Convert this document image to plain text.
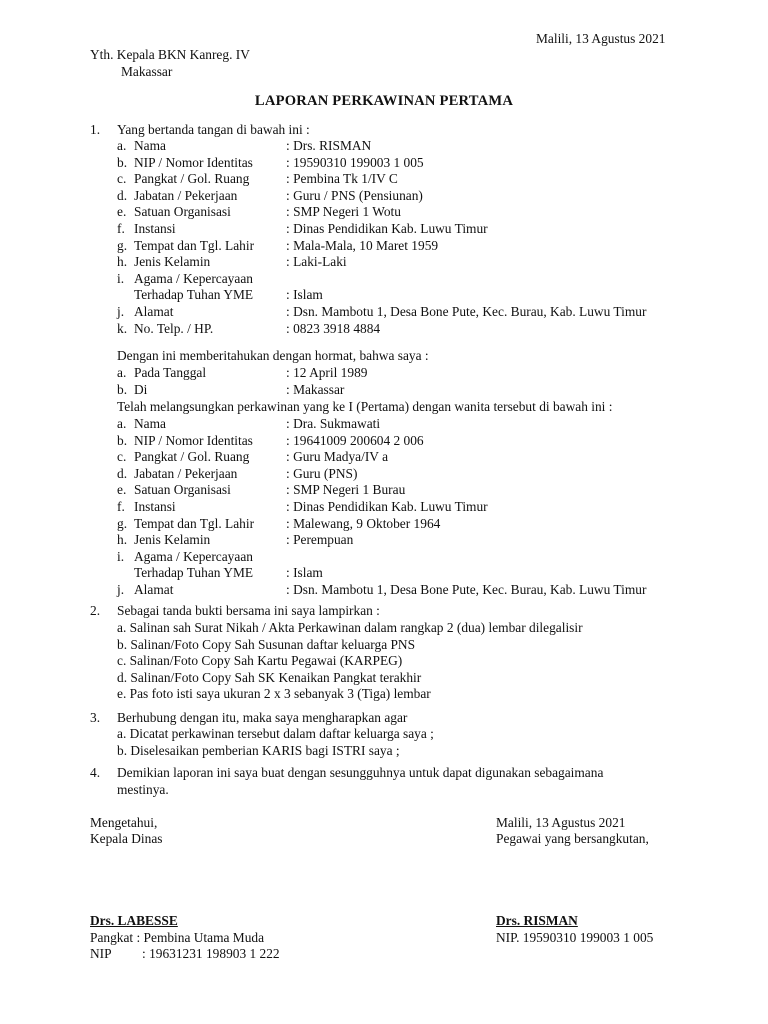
Malili, 13 Agustus 2021
Yth. Kepala BKN Kanreg. IV
Makassar
LAPORAN PERKAWINAN PERTAMA
1. Yang bertanda tangan di bawah ini :
a. Nama	: Drs. RISMAN
b. NIP / Nomor Identitas : 19590310 199003 1 005
c. Pangkat / Gol. Ruang	: Pembina Tk 1/IV C
d. Jabatan / Pekerjaan	: Guru / PNS (Pensiunan)
e. Satuan Organisasi	: SMP Negeri 1 Wotu
f. Instansi	: Dinas Pendidikan Kab. Luwu Timur
g. Tempat dan Tgl. Lahir : Mala-Mala, 10 Maret 1959
h. Jenis Kelamin	: Laki-Laki
i. Agama / Kepercayaan
Terhadap Tuhan YME : Islam
j. Alamat	: Dsn. Mambotu 1, Desa Bone Pute, Kec. Burau, Kab. Luwu Timur
k. No. Telp. / HP.	: 0823 3918 4884
Dengan ini memberitahukan dengan hormat, bahwa saya :
a. Pada Tanggal	: 12 April 1989
b. Di	: Makassar
Telah melangsungkan perkawinan yang ke I (Pertama) dengan wanita tersebut di bawah ini :
a. Nama	: Dra. Sukmawati
b. NIP / Nomor Identitas : 19641009 200604 2 006
c. Pangkat / Gol. Ruang	: Guru Madya/IV a
d. Jabatan / Pekerjaan	: Guru (PNS)
e. Satuan Organisasi	: SMP Negeri 1 Burau
f. Instansi	: Dinas Pendidikan Kab. Luwu Timur
g. Tempat dan Tgl. Lahir : Malewang, 9 Oktober 1964
h. Jenis Kelamin	: Perempuan
i. Agama / Kepercayaan
Terhadap Tuhan YME : Islam
j. Alamat	: Dsn. Mambotu 1, Desa Bone Pute, Kec. Burau, Kab. Luwu Timur
2. Sebagai tanda bukti bersama ini saya lampirkan :
a. Salinan sah Surat Nikah / Akta Perkawinan dalam rangkap 2 (dua) lembar dilegalisir
b. Salinan/Foto Copy Sah Susunan daftar keluarga PNS
c. Salinan/Foto Copy Sah Kartu Pegawai (KARPEG)
d. Salinan/Foto Copy Sah SK Kenaikan Pangkat terakhir
e. Pas foto isti saya ukuran 2 x 3 sebanyak 3 (Tiga) lembar
3. Berhubung dengan itu, maka saya mengharapkan agar
a. Dicatat perkawinan tersebut dalam daftar keluarga saya ;
b. Diselesaikan pemberian KARIS bagi ISTRI saya ;
4. Demikian laporan ini saya buat dengan sesungguhnya untuk dapat digunakan sebagaimana
mestinya.
Mengetahui,
Kepala Dinas
Drs. LABESSE
Pangkat : Pembina Utama Muda
NIP : 19631231 198903 1 222
Malili, 13 Agustus 2021
Pegawai yang bersangkutan,
Drs. RISMAN
NIP. 19590310 199003 1 005
